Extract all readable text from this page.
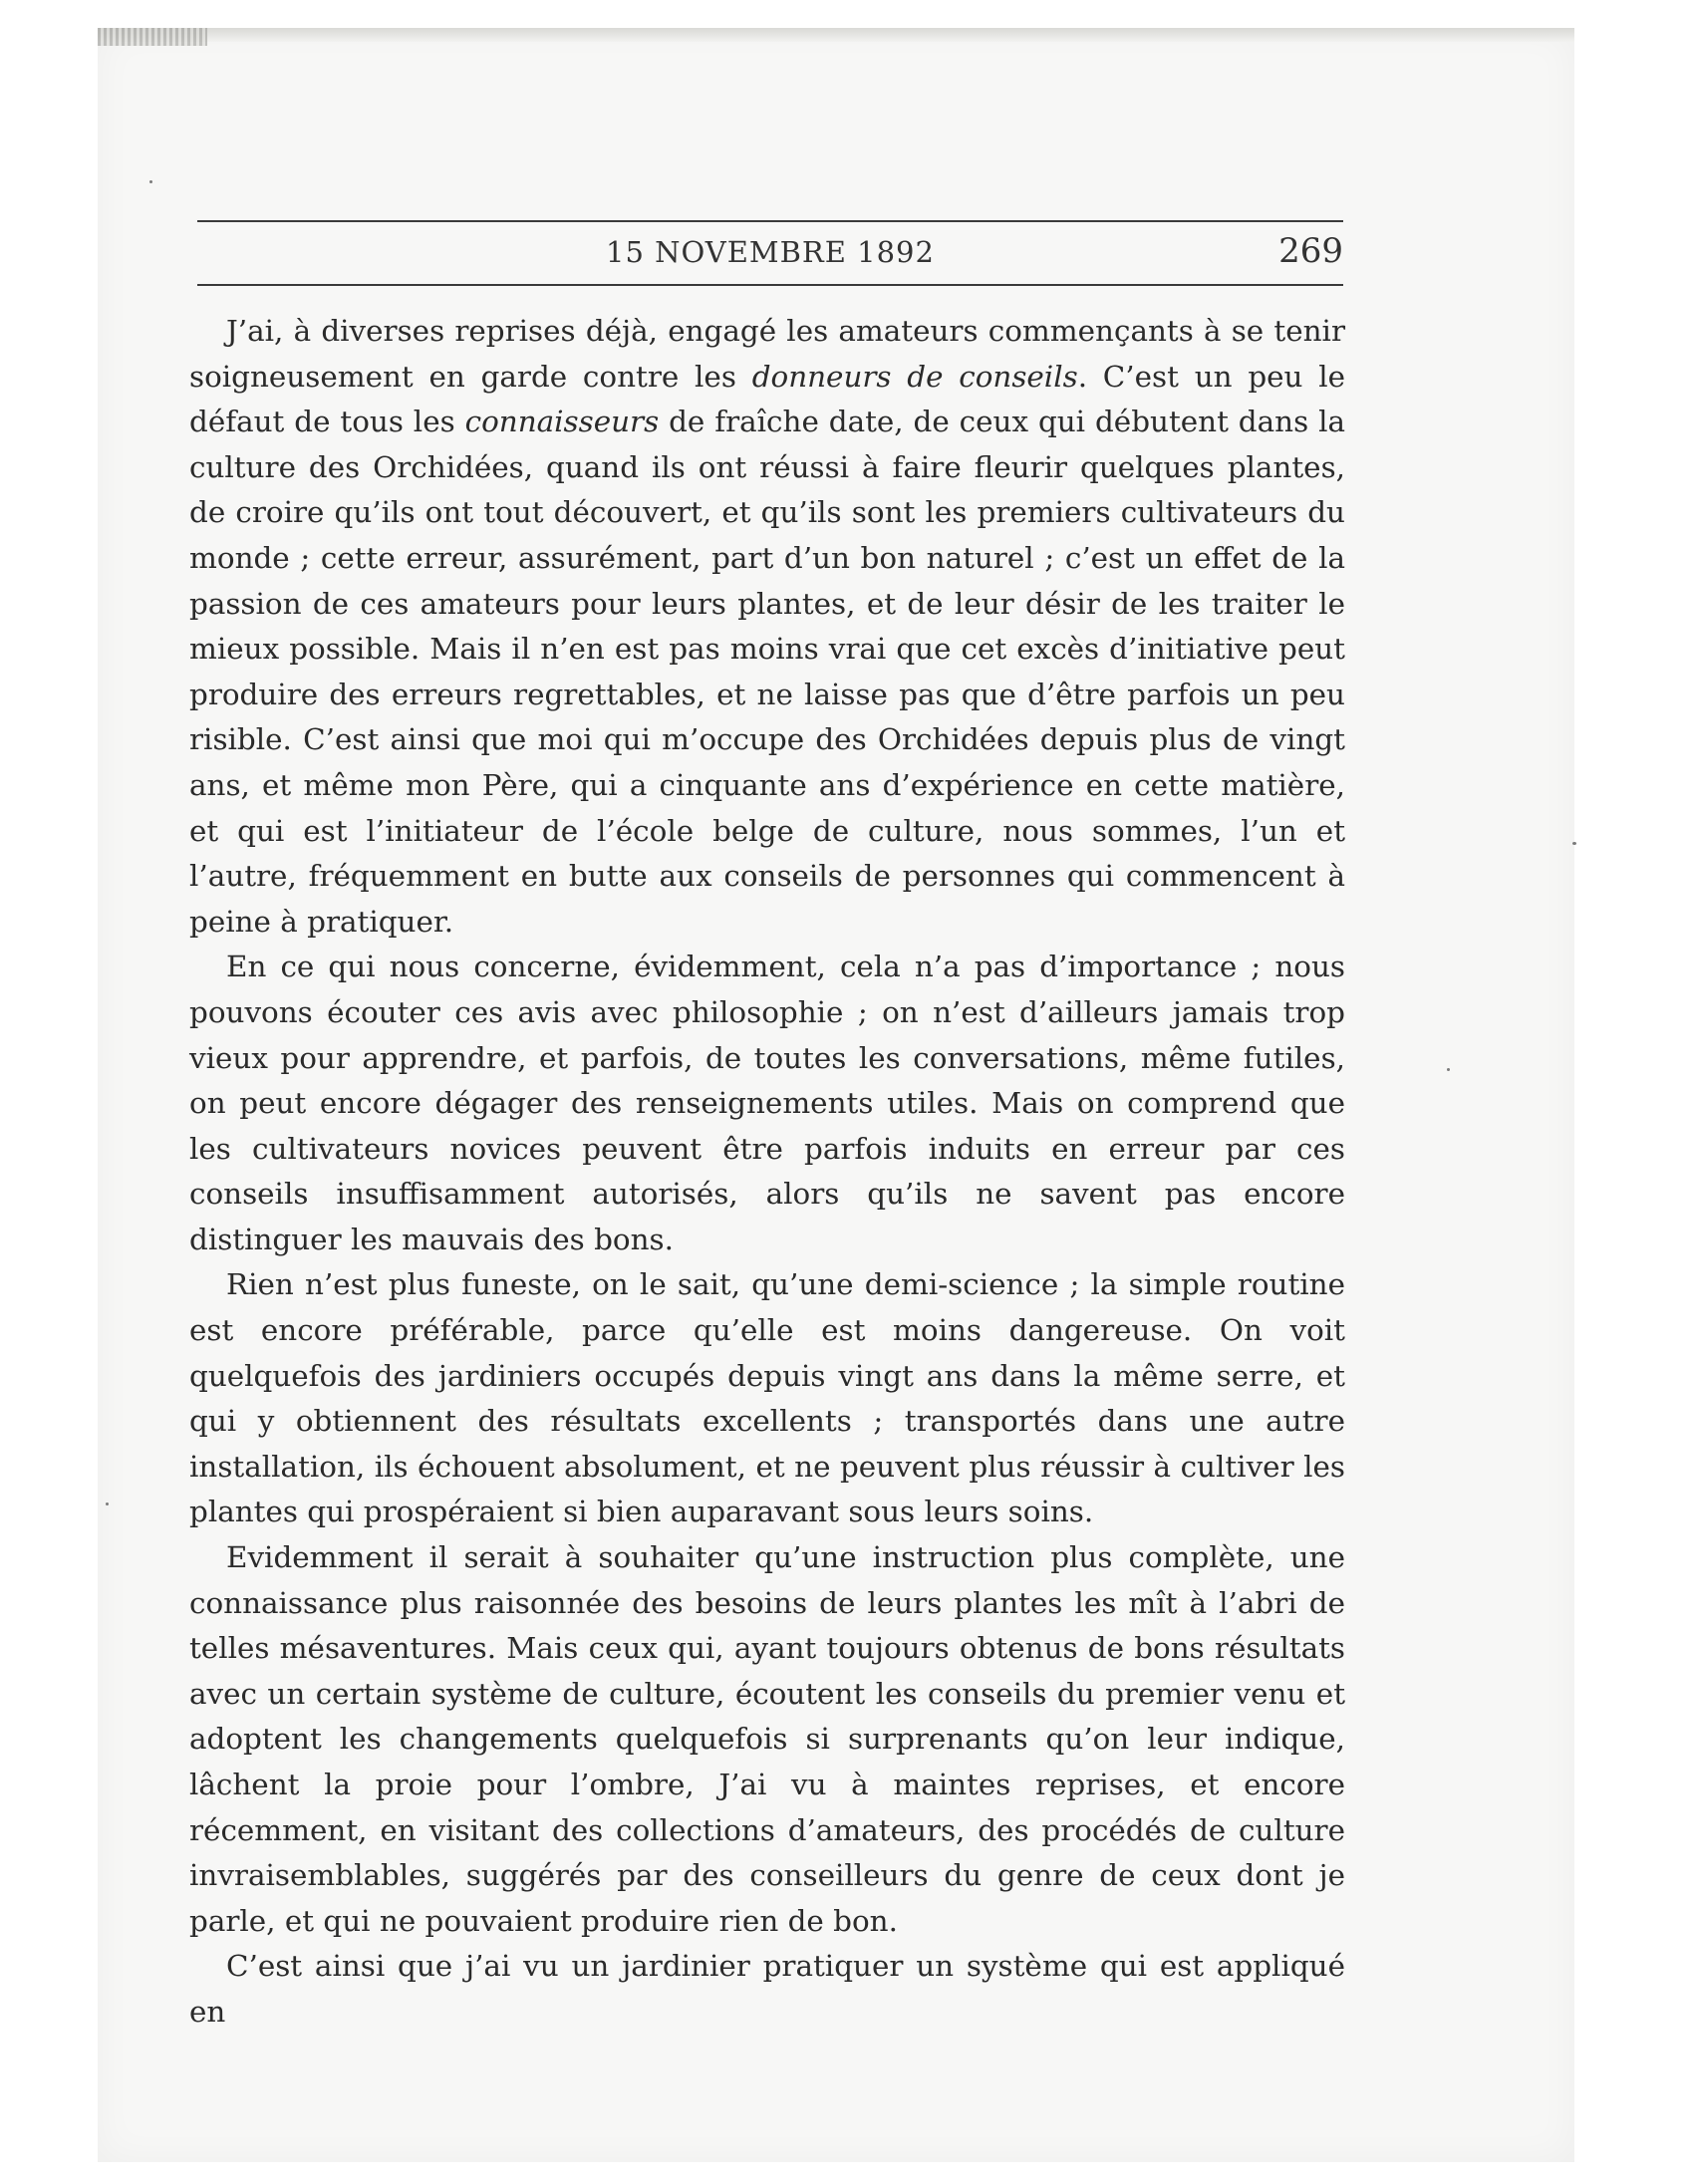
15 NOVEMBRE 1892	269

J’ai, à diverses reprises déjà, engagé les amateurs commençants à se tenir soigneusement en garde contre les donneurs de conseils. C’est un peu le défaut de tous les connaisseurs de fraîche date, de ceux qui débutent dans la culture des Orchidées, quand ils ont réussi à faire fleurir quelques plantes, de croire qu’ils ont tout découvert, et qu’ils sont les premiers cultivateurs du monde ; cette erreur, assurément, part d’un bon naturel ; c’est un effet de la passion de ces amateurs pour leurs plantes, et de leur désir de les traiter le mieux possible. Mais il n’en est pas moins vrai que cet excès d’initiative peut produire des erreurs regrettables, et ne laisse pas que d’être parfois un peu risible. C’est ainsi que moi qui m’occupe des Orchidées depuis plus de vingt ans, et même mon Père, qui a cinquante ans d’expérience en cette matière, et qui est l’initiateur de l’école belge de culture, nous sommes, l’un et l’autre, fréquemment en butte aux conseils de personnes qui commencent à peine à pratiquer.

En ce qui nous concerne, évidemment, cela n’a pas d’importance ; nous pouvons écouter ces avis avec philosophie ; on n’est d’ailleurs jamais trop vieux pour apprendre, et parfois, de toutes les conversations, même futiles, on peut encore dégager des renseignements utiles. Mais on comprend que les cultivateurs novices peuvent être parfois induits en erreur par ces conseils insuffisamment autorisés, alors qu’ils ne savent pas encore distinguer les mauvais des bons.

Rien n’est plus funeste, on le sait, qu’une demi-science ; la simple routine est encore préférable, parce qu’elle est moins dangereuse. On voit quelquefois des jardiniers occupés depuis vingt ans dans la même serre, et qui y obtiennent des résultats excellents ; transportés dans une autre installation, ils échouent absolument, et ne peuvent plus réussir à cultiver les plantes qui prospéraient si bien auparavant sous leurs soins.

Evidemment il serait à souhaiter qu’une instruction plus complète, une connaissance plus raisonnée des besoins de leurs plantes les mît à l’abri de telles mésaventures. Mais ceux qui, ayant toujours obtenus de bons résultats avec un certain système de culture, écoutent les conseils du premier venu et adoptent les changements quelquefois si surprenants qu’on leur indique, lâchent la proie pour l’ombre, J’ai vu à maintes reprises, et encore récemment, en visitant des collections d’amateurs, des procédés de culture invraisemblables, suggérés par des conseilleurs du genre de ceux dont je parle, et qui ne pouvaient produire rien de bon.

C’est ainsi que j’ai vu un jardinier pratiquer un système qui est appliqué en
